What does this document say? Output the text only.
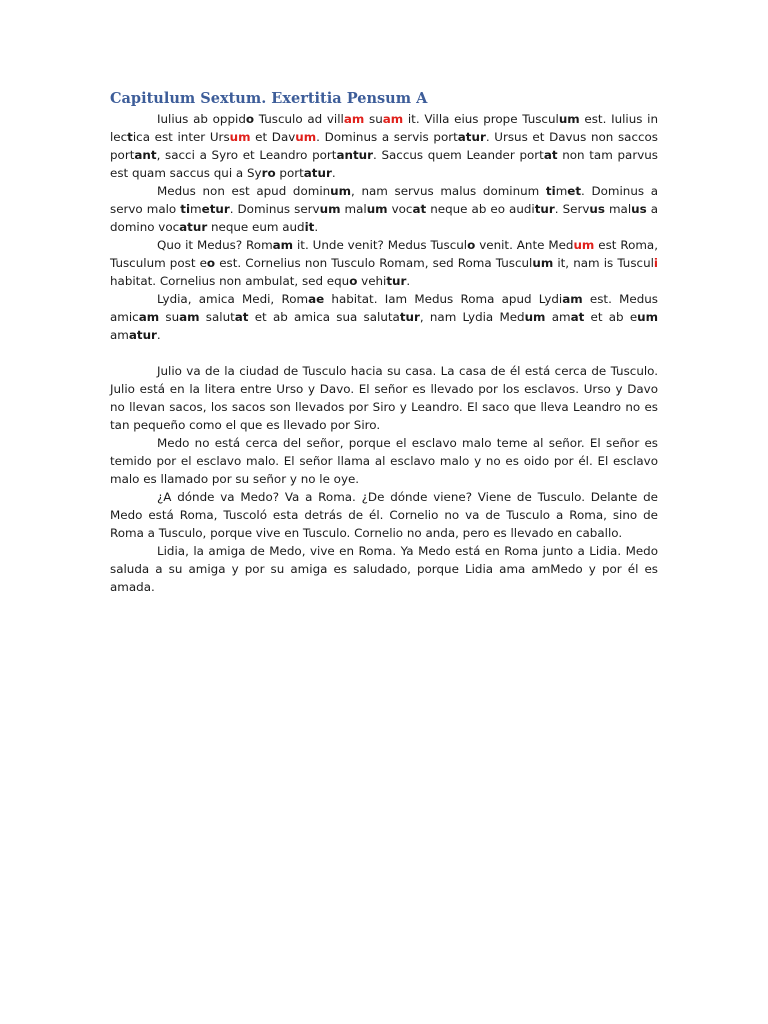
Capitulum Sextum. Exertitia Pensum A

Iulius ab oppido Tusculo ad villam suam it. Villa eius prope Tusculum est. Iulius in lectica est inter Ursum et Davum. Dominus a servis portatur. Ursus et Davus non saccos portant, sacci a Syro et Leandro portantur. Saccus quem Leander portat non tam parvus est quam saccus qui a Syro portatur.

Medus non est apud dominum, nam servus malus dominum timet. Dominus a servo malo timetur. Dominus servum malum vocat neque ab eo auditur. Servus malus a domino vocatur neque eum audit.

Quo it Medus? Romam it. Unde venit? Medus Tusculo venit. Ante Medum est Roma, Tusculum post eo est. Cornelius non Tusculo Romam, sed Roma Tusculum it, nam is Tusculi habitat. Cornelius non ambulat, sed equo vehitur.

Lydia, amica Medi, Romae habitat. Iam Medus Roma apud Lydiam est. Medus amicam suam salutat et ab amica sua salutatur, nam Lydia Medum amat et ab eum amatur.

Julio va de la ciudad de Tusculo hacia su casa. La casa de él está cerca de Tusculo. Julio está en la litera entre Urso y Davo. El señor es llevado por los esclavos. Urso y Davo no llevan sacos, los sacos son llevados por Siro y Leandro. El saco que lleva Leandro no es tan pequeño como el que es llevado por Siro.

Medo no está cerca del señor, porque el esclavo malo teme al señor. El señor es temido por el esclavo malo. El señor llama al esclavo malo y no es oido por él. El esclavo malo es llamado por su señor y no le oye.

¿A dónde va Medo? Va a Roma. ¿De dónde viene? Viene de Tusculo. Delante de Medo está Roma, Tuscoló esta detrás de él. Cornelio no va de Tusculo a Roma, sino de Roma a Tusculo, porque vive en Tusculo. Cornelio no anda, pero es llevado en caballo.

Lidia, la amiga de Medo, vive en Roma. Ya Medo está en Roma junto a Lidia. Medo saluda a su amiga y por su amiga es saludado, porque Lidia ama amMedo y por él es amada.
